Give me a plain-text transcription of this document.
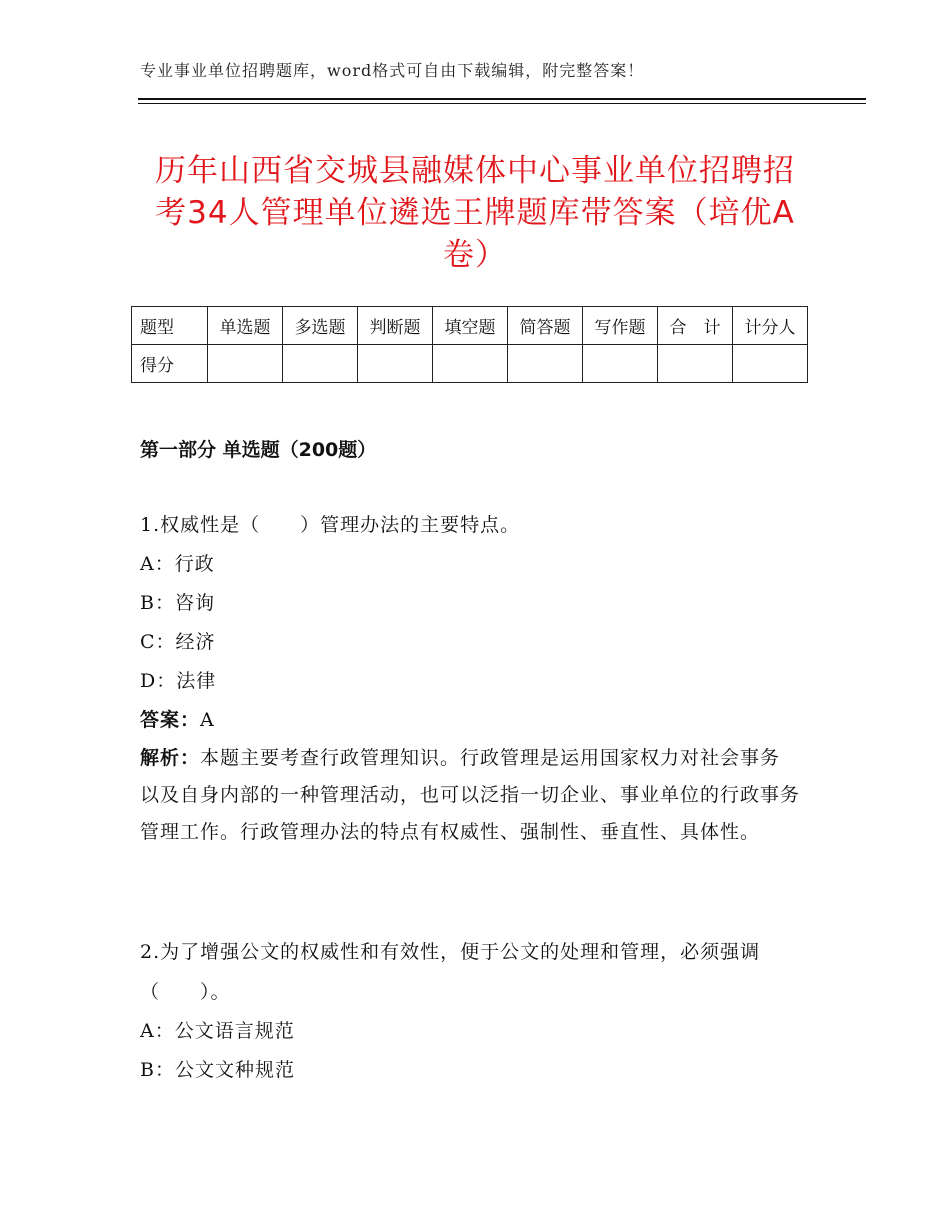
专业事业单位招聘题库，word格式可自由下载编辑，附完整答案！
历年山西省交城县融媒体中心事业单位招聘招考34人管理单位遴选王牌题库带答案（培优A卷）
题型	单选题	多选题	判断题	填空题	简答题	写作题	合　计	计分人
得分								
第一部分 单选题（200题）
1.权威性是（　　）管理办法的主要特点。
A：行政
B：咨询
C：经济
D：法律
答案：A
解析：本题主要考查行政管理知识。行政管理是运用国家权力对社会事务以及自身内部的一种管理活动，也可以泛指一切企业、事业单位的行政事务管理工作。行政管理办法的特点有权威性、强制性、垂直性、具体性。
2.为了增强公文的权威性和有效性，便于公文的处理和管理，必须强调（　　）。
A：公文语言规范
B：公文文种规范
